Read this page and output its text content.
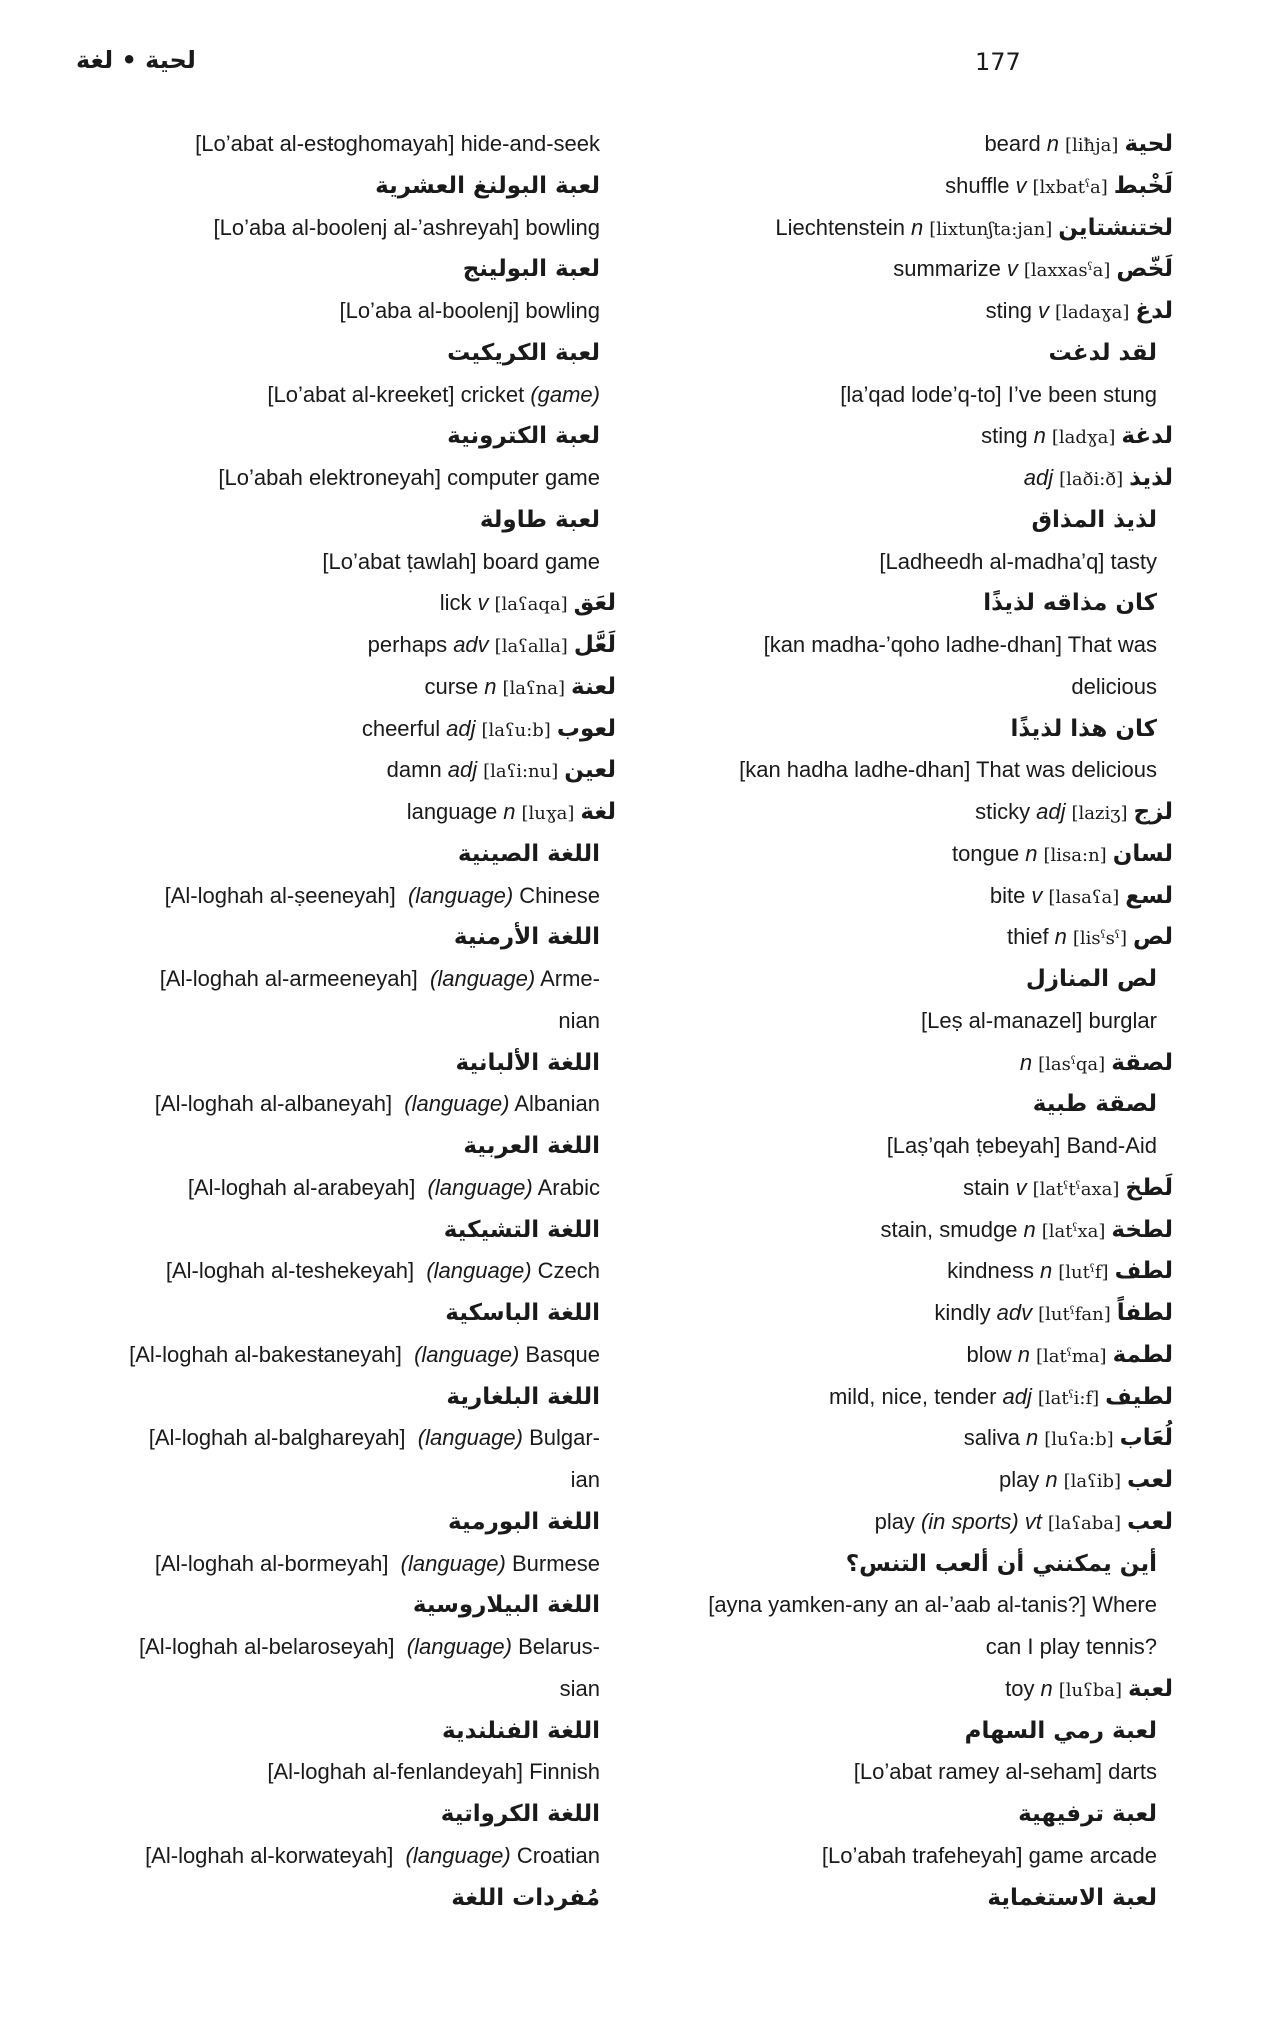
لحية • لغة	177
[Lo’abat al-esŧoghomayah] hide-and-seek
لعبة البولنغ العشرية
[Lo’aba al-boolenj al-’ashreyah] bowling
لعبة البولينج
[Lo’aba al-boolenj] bowling
لعبة الكريكيت
[Lo’abat al-kreeket] cricket (game)
لعبة الكترونية
[Lo’abah elektroneyah] computer game
لعبة طاولة
[Lo’abat ṭawlah] board game
lick v [laʕaqa] لعَق
perhaps adv [laʕalla] لَعَّل
curse n [laʕna] لعنة
cheerful adj [laʕu:b] لعوب
damn adj [laʕi:nu] لعين
language n [luɣa] لغة
اللغة الصينية
[Al-loghah al-ṣeeneyah]  (language) Chinese
اللغة الأرمنية
[Al-loghah al-armeeneyah]  (language) Arme-
nian
اللغة الألبانية
[Al-loghah al-albaneyah]  (language) Albanian
اللغة العربية
[Al-loghah al-arabeyah]  (language) Arabic
اللغة التشيكية
[Al-loghah al-teshekeyah]  (language) Czech
اللغة الباسكية
[Al-loghah al-bakesŧaneyah]  (language) Basque
اللغة البلغارية
[Al-loghah al-balghareyah]  (language) Bulgar-
ian
اللغة البورمية
[Al-loghah al-bormeyah]  (language) Burmese
اللغة البيلاروسية
[Al-loghah al-belaroseyah]  (language) Belarus-
sian
اللغة الفنلندية
[Al-loghah al-fenlandeyah] Finnish
اللغة الكرواتية
[Al-loghah al-korwateyah]  (language) Croatian
مُفردات اللغة
beard n [liħja] لحية
shuffle v [lxbatˤa] لَخْبط
Liechtenstein n [lixtunʃta:jan] لختنشتاين
summarize v [laxxasˤa] لَخّص
sting v [ladaɣa] لدغ
لقد لدغت
[la’qad lode’q-to] I’ve been stung
sting n [ladɣa] لدغة
adj [laði:ð] لذيذ
لذيذ المذاق
[Ladheedh al-madha’q] tasty
كان مذاقه لذيذًا
[kan madha-’qoho ladhe-dhan] That was
delicious
كان هذا لذيذًا
[kan hadha ladhe-dhan] That was delicious
sticky adj [laziʒ] لزج
tongue n [lisa:n] لسان
bite v [lasaʕa] لسع
thief n [lisˤsˤ] لص
لص المنازل
[Leṣ al-manazel] burglar
n [lasˤqa] لصقة
لصقة طبية
[Laṣ’qah ṭebeyah] Band-Aid
stain v [latˤtˤaxa] لَطخ
stain, smudge n [latˤxa] لطخة
kindness n [lutˤf] لطف
kindly adv [lutˤfan] لطفاً
blow n [latˤma] لطمة
mild, nice, tender adj [latˤi:f] لطيف
saliva n [luʕa:b] لُعَاب
play n [laʕib] لعب
play (in sports) vt [laʕaba] لعب
أين يمكنني أن ألعب التنس؟
[ayna yamken-any an al-’aab al-tanis?] Where
can I play tennis?
toy n [luʕba] لعبة
لعبة رمي السهام
[Lo’abat ramey al-seham] darts
لعبة ترفيهية
[Lo’abah trafeheyah] game arcade
لعبة الاستغماية
